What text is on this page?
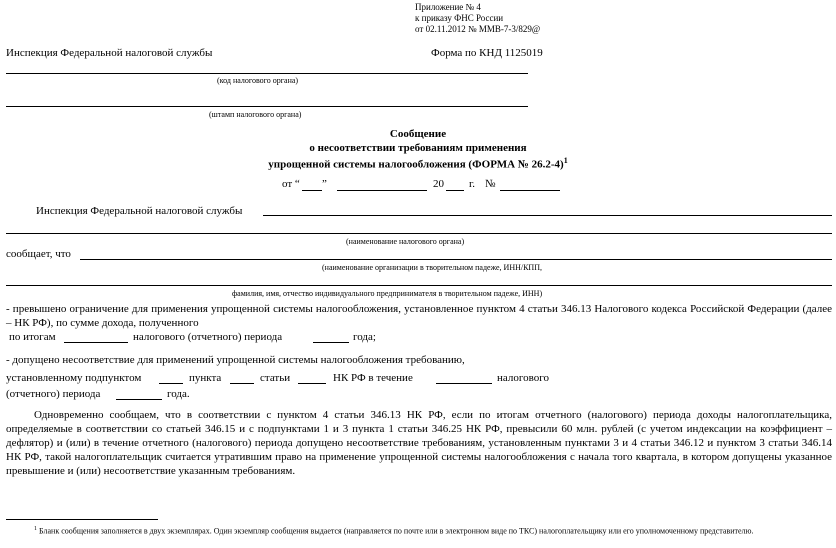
Приложение № 4
к приказу ФНС России
от 02.11.2012 № ММВ-7-3/829@
Инспекция Федеральной налоговой службы	Форма по КНД 1125019
(код налогового органа)
(штамп налогового органа)
Сообщение
о несоответствии требованиям применения
упрощенной системы налогообложения (ФОРМА № 26.2-4)$^1$
от “ ”	20 г. №
Инспекция Федеральной налоговой службы
(наименование налогового органа)
сообщает, что
(наименование организации в творительном падеже, ИНН/КПП,
фамилия, имя, отчество индивидуального предпринимателя в творительном падеже, ИНН)
- превышено ограничение для применения упрощенной системы налогообложения, установленное пунктом 4 статьи 346.13 Налогового кодекса Российской Федерации (далее – НК РФ), по сумме дохода, полученного
по итогам	налогового (отчетного) периода	года;
- допущено несоответствие для применений упрощенной системы налогообложения требованию,
установленному подпунктом	пункта	статьи	НК РФ в течение	налогового
(отчетного) периода	года.
Одновременно сообщаем, что в соответствии с пунктом 4 статьи 346.13 НК РФ, если по итогам отчетного (налогового) периода доходы налогоплательщика, определяемые в соответствии со статьей 346.15 и с подпунктами 1 и 3 пункта 1 статьи 346.25 НК РФ, превысили 60 млн. рублей (с учетом индексации на коэффициент – дефлятор) и (или) в течение отчетного (налогового) периода допущено несоответствие требованиям, установленным пунктами 3 и 4 статьи 346.12 и пунктом 3 статьи 346.14 НК РФ, такой налогоплательщик считается утратившим право на применение упрощенной системы налогообложения с начала того квартала, в котором допущены указанное превышение и (или) несоответствие указанным требованиям.
$^1$ Бланк сообщения заполняется в двух экземплярах. Один экземпляр сообщения выдается (направляется по почте или в электронном виде по ТКС) налогоплательщику или его уполномоченному представителю.
